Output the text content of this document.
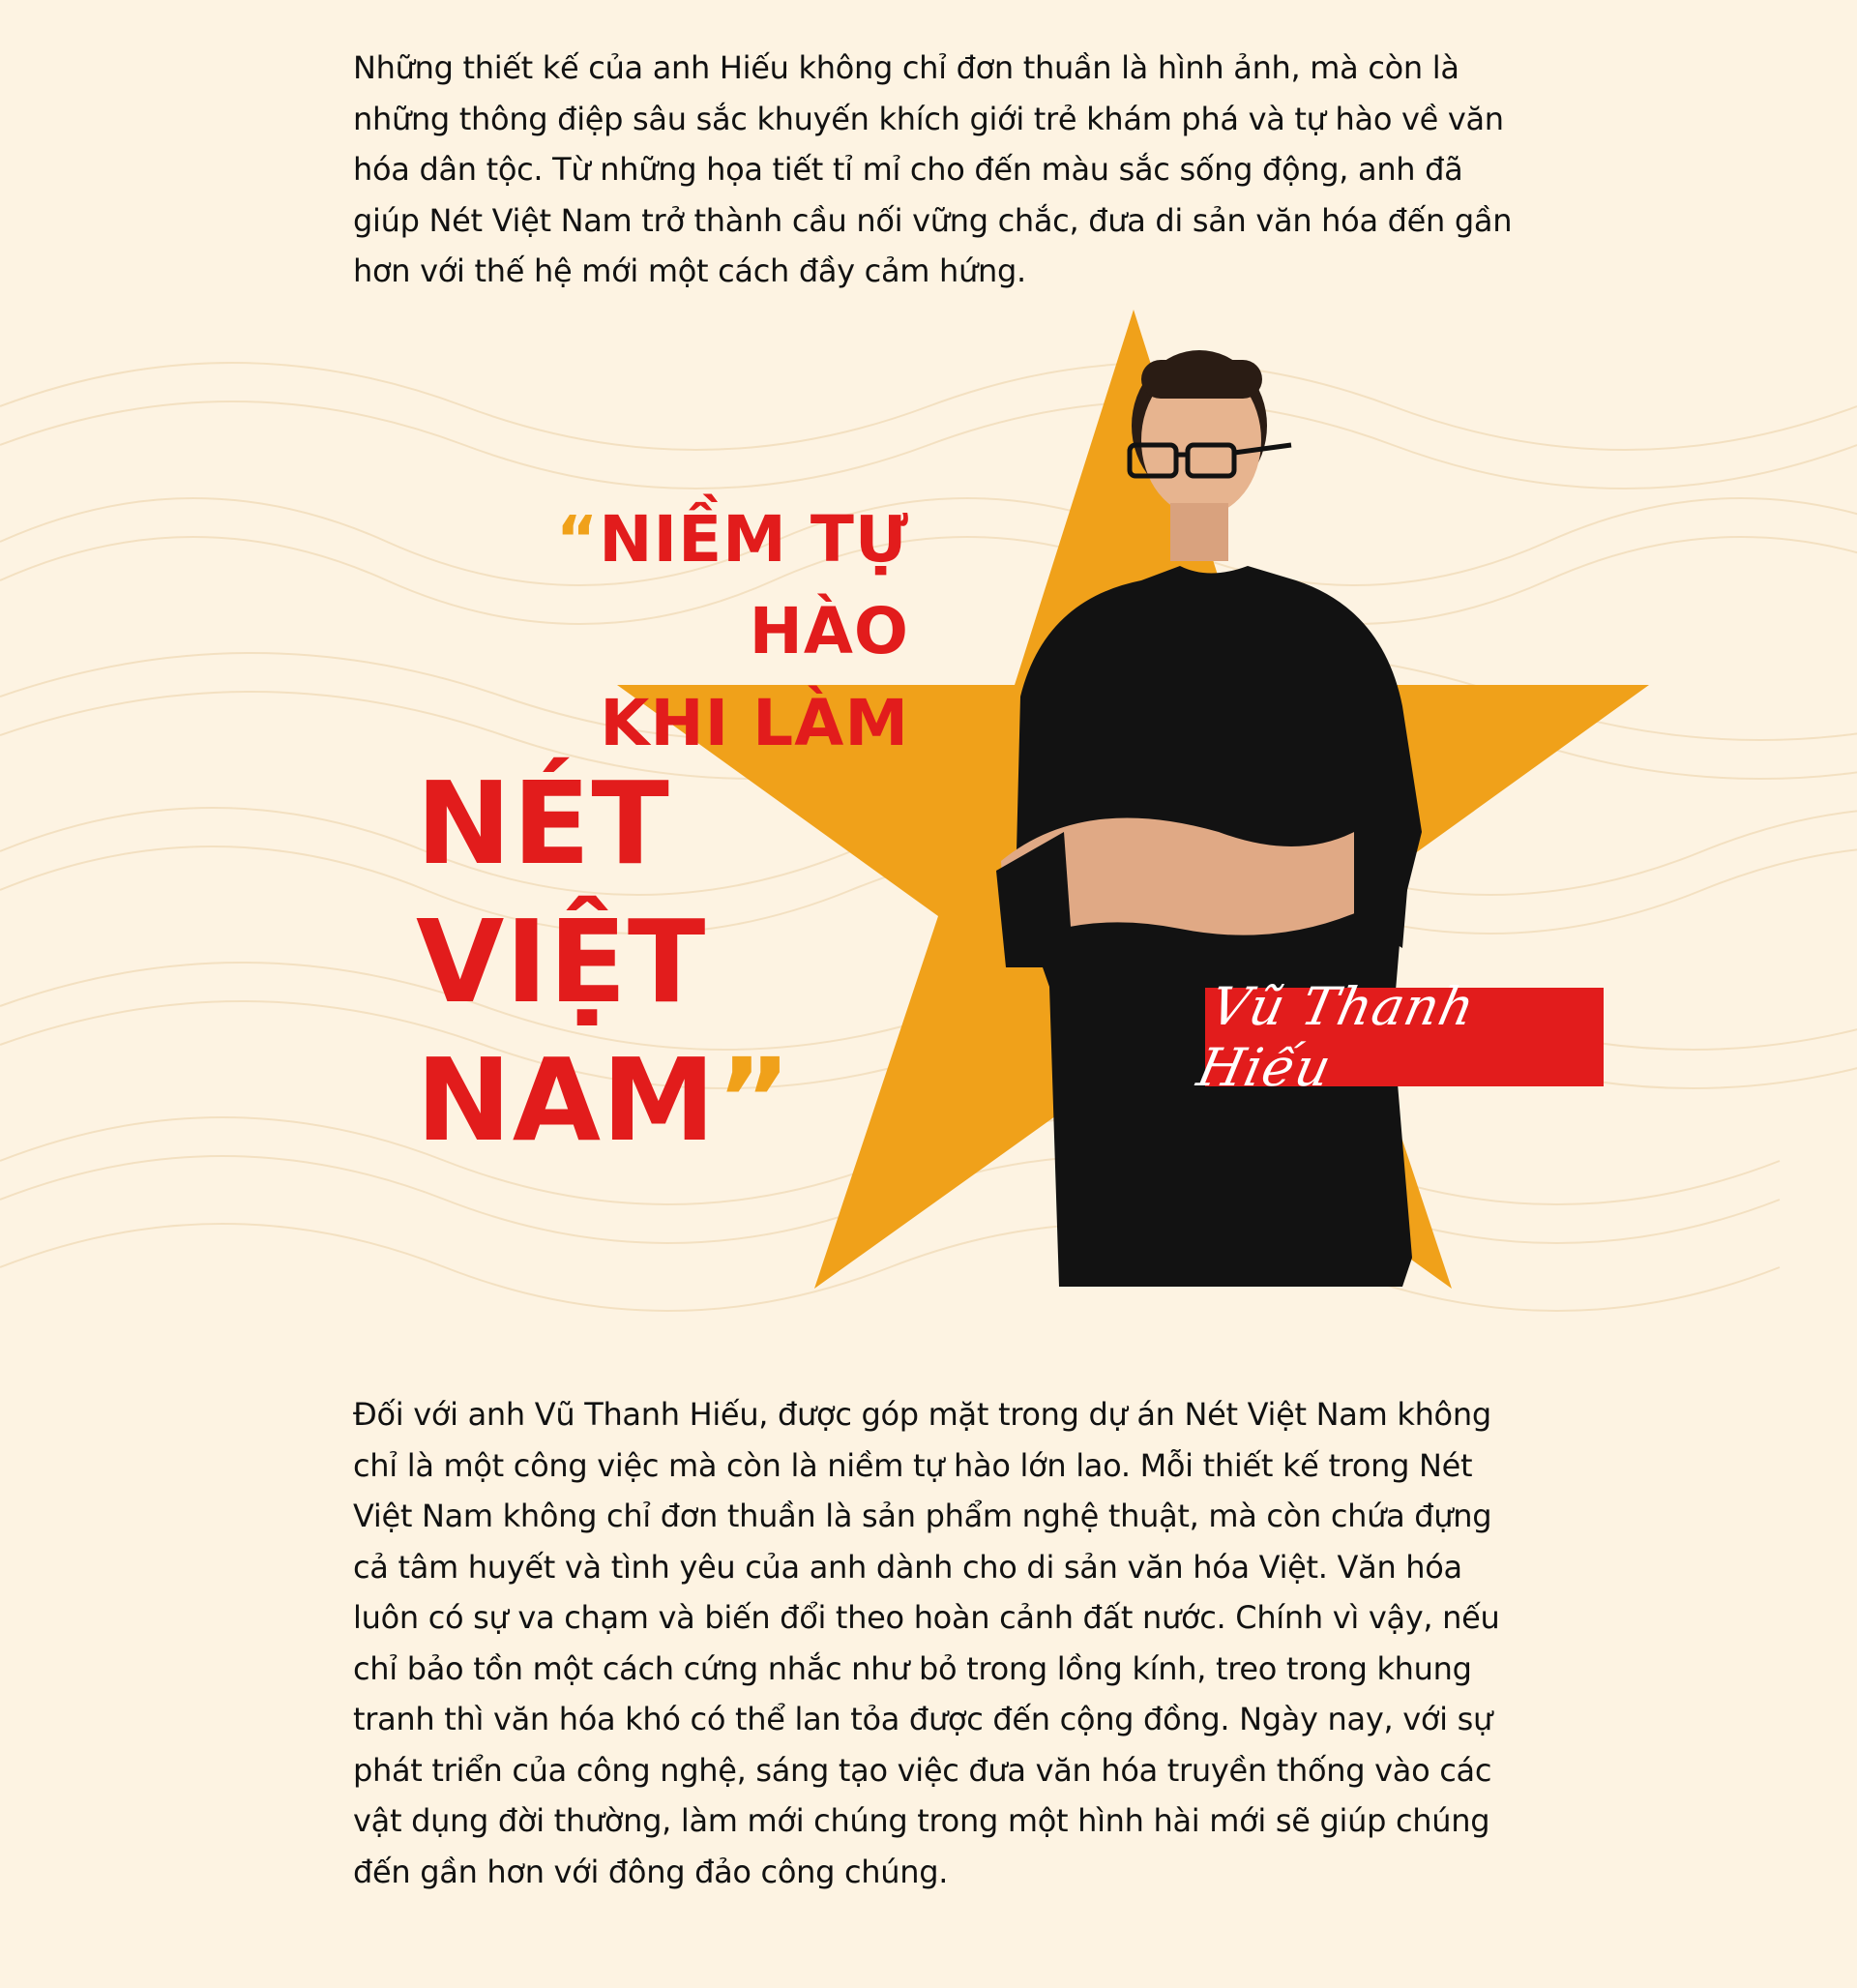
Những thiết kế của anh Hiếu không chỉ đơn thuần là hình ảnh, mà còn là những thông điệp sâu sắc khuyến khích giới trẻ khám phá và tự hào về văn hóa dân tộc. Từ những họa tiết tỉ mỉ cho đến màu sắc sống động, anh đã giúp Nét Việt Nam trở thành cầu nối vững chắc, đưa di sản văn hóa đến gần hơn với thế hệ mới một cách đầy cảm hứng.

“NIỀM TỰ HÀO
KHI LÀM

NÉT
VIỆT
NAM”

Vũ Thanh Hiếu

Đối với anh Vũ Thanh Hiếu, được góp mặt trong dự án Nét Việt Nam không chỉ là một công việc mà còn là niềm tự hào lớn lao. Mỗi thiết kế trong Nét Việt Nam không chỉ đơn thuần là sản phẩm nghệ thuật, mà còn chứa đựng cả tâm huyết và tình yêu của anh dành cho di sản văn hóa Việt. Văn hóa luôn có sự va chạm và biến đổi theo hoàn cảnh đất nước. Chính vì vậy, nếu chỉ bảo tồn một cách cứng nhắc như bỏ trong lồng kính, treo trong khung tranh thì văn hóa khó có thể lan tỏa được đến cộng đồng. Ngày nay, với sự phát triển của công nghệ, sáng tạo việc đưa văn hóa truyền thống vào các vật dụng đời thường, làm mới chúng trong một hình hài mới sẽ giúp chúng đến gần hơn với đông đảo công chúng.
